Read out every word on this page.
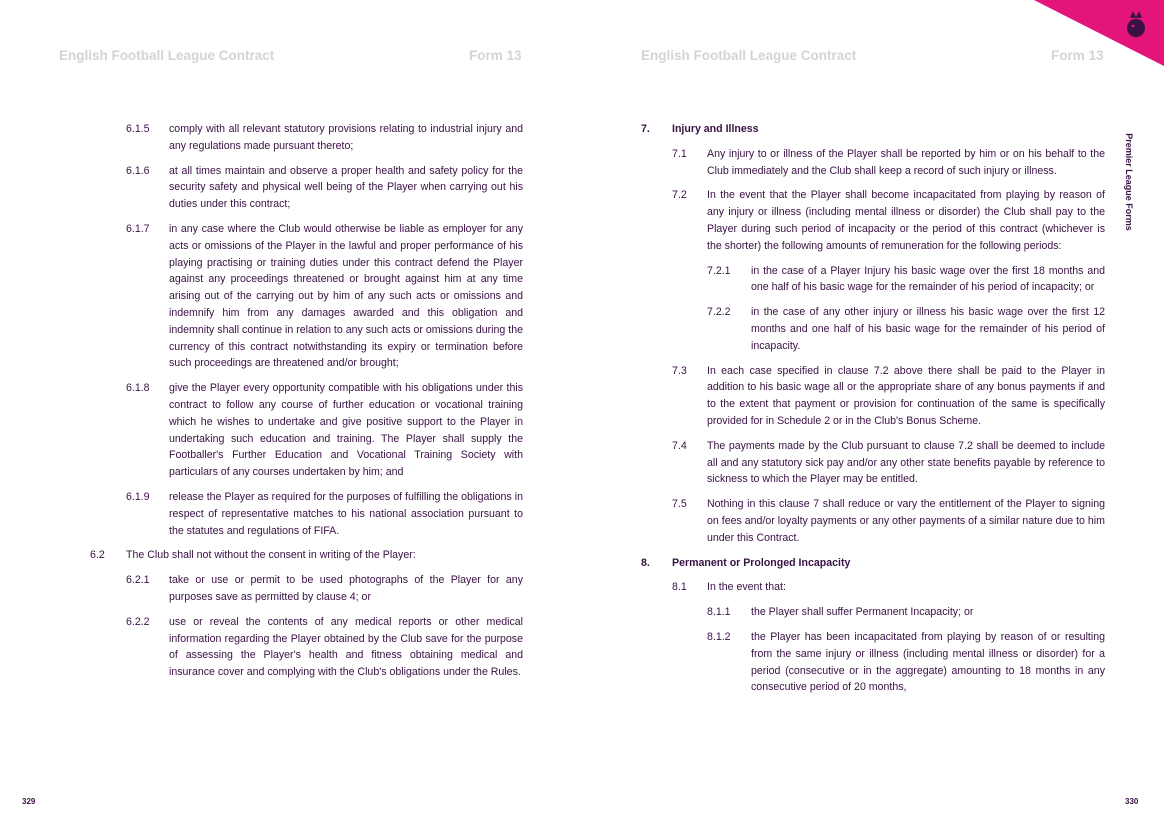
English Football League Contract	Form 13	English Football League Contract	Form 13
Premier League Forms
329	330
6.1.5 comply with all relevant statutory provisions relating to industrial injury and any regulations made pursuant thereto;
6.1.6 at all times maintain and observe a proper health and safety policy for the security safety and physical well being of the Player when carrying out his duties under this contract;
6.1.7 in any case where the Club would otherwise be liable as employer for any acts or omissions of the Player in the lawful and proper performance of his playing practising or training duties under this contract defend the Player against any proceedings threatened or brought against him at any time arising out of the carrying out by him of any such acts or omissions and indemnify him from any damages awarded and this obligation and indemnity shall continue in relation to any such acts or omissions during the currency of this contract notwithstanding its expiry or termination before such proceedings are threatened and/or brought;
6.1.8 give the Player every opportunity compatible with his obligations under this contract to follow any course of further education or vocational training which he wishes to undertake and give positive support to the Player in undertaking such education and training. The Player shall supply the Footballer's Further Education and Vocational Training Society with particulars of any courses undertaken by him; and
6.1.9 release the Player as required for the purposes of fulfilling the obligations in respect of representative matches to his national association pursuant to the statutes and regulations of FIFA.
6.2 The Club shall not without the consent in writing of the Player:
6.2.1 take or use or permit to be used photographs of the Player for any purposes save as permitted by clause 4; or
6.2.2 use or reveal the contents of any medical reports or other medical information regarding the Player obtained by the Club save for the purpose of assessing the Player's health and fitness obtaining medical and insurance cover and complying with the Club's obligations under the Rules.
7. Injury and Illness
7.1 Any injury to or illness of the Player shall be reported by him or on his behalf to the Club immediately and the Club shall keep a record of such injury or illness.
7.2 In the event that the Player shall become incapacitated from playing by reason of any injury or illness (including mental illness or disorder) the Club shall pay to the Player during such period of incapacity or the period of this contract (whichever is the shorter) the following amounts of remuneration for the following periods:
7.2.1 in the case of a Player Injury his basic wage over the first 18 months and one half of his basic wage for the remainder of his period of incapacity; or
7.2.2 in the case of any other injury or illness his basic wage over the first 12 months and one half of his basic wage for the remainder of his period of incapacity.
7.3 In each case specified in clause 7.2 above there shall be paid to the Player in addition to his basic wage all or the appropriate share of any bonus payments if and to the extent that payment or provision for continuation of the same is specifically provided for in Schedule 2 or in the Club's Bonus Scheme.
7.4 The payments made by the Club pursuant to clause 7.2 shall be deemed to include all and any statutory sick pay and/or any other state benefits payable by reference to sickness to which the Player may be entitled.
7.5 Nothing in this clause 7 shall reduce or vary the entitlement of the Player to signing on fees and/or loyalty payments or any other payments of a similar nature due to him under this Contract.
8. Permanent or Prolonged Incapacity
8.1 In the event that:
8.1.1 the Player shall suffer Permanent Incapacity; or
8.1.2 the Player has been incapacitated from playing by reason of or resulting from the same injury or illness (including mental illness or disorder) for a period (consecutive or in the aggregate) amounting to 18 months in any consecutive period of 20 months,
